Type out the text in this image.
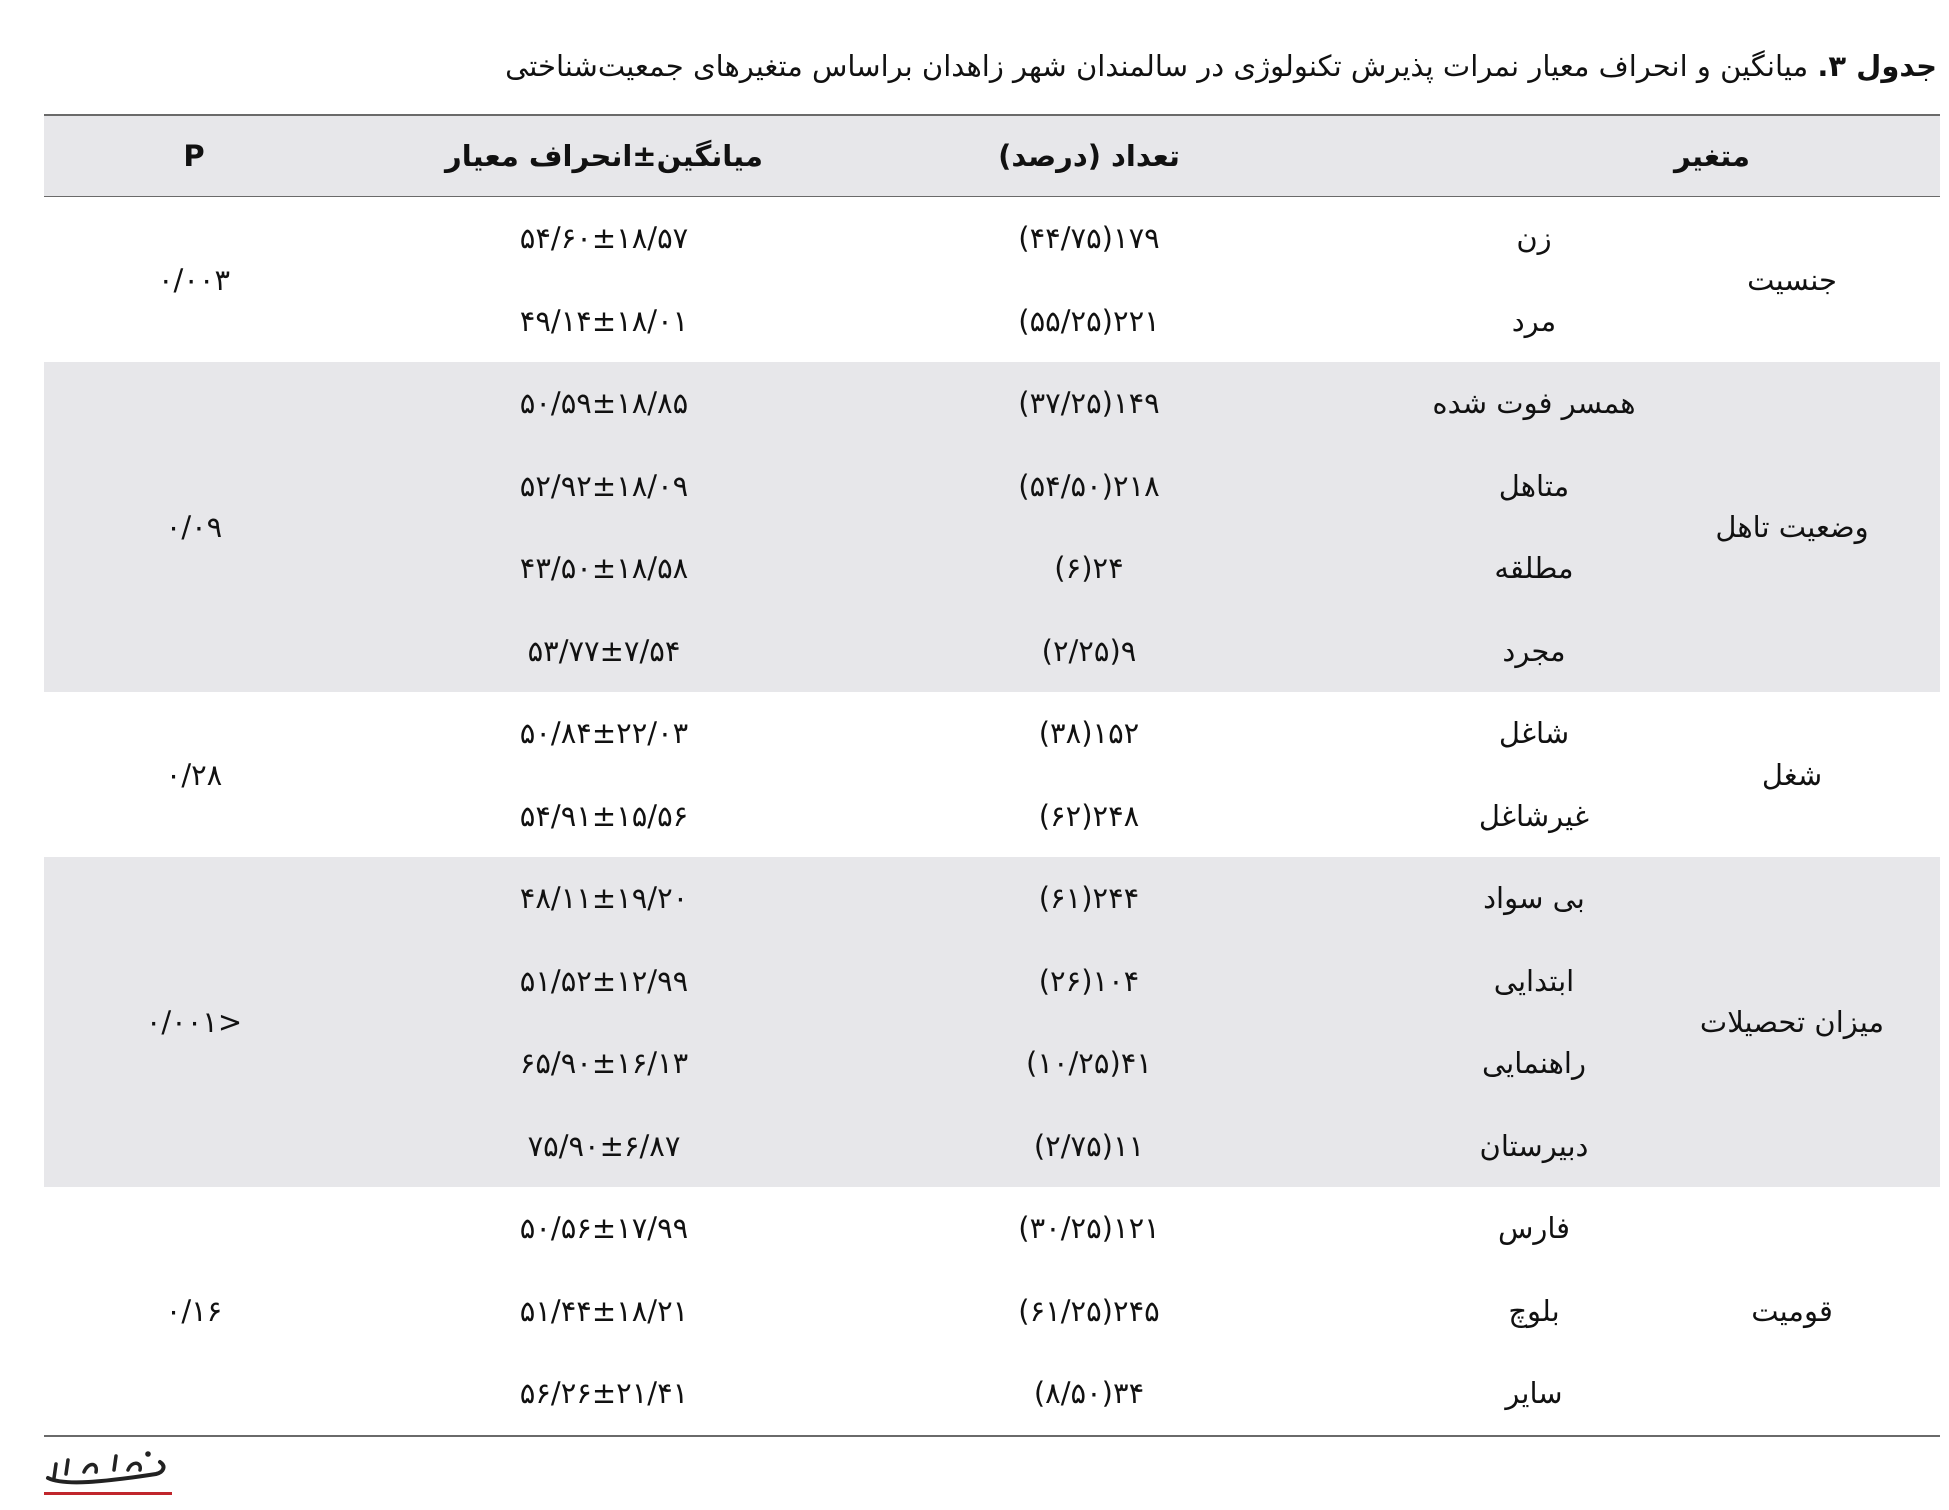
جدول ۳. میانگین و انحراف معیار نمرات پذیرش تکنولوژی در سالمندان شهر زاهدان براساس متغیرهای جمعیت‌شناختی
متغیر
تعداد (درصد)
میانگین±انحراف معیار
P
جنسیت
۰/۰۰۳
زن
۱۷۹(۴۴/۷۵)
۵۴/۶۰±۱۸/۵۷
مرد
۲۲۱(۵۵/۲۵)
۴۹/۱۴±۱۸/۰۱
وضعیت تاهل
۰/۰۹
همسر فوت شده
۱۴۹(۳۷/۲۵)
۵۰/۵۹±۱۸/۸۵
متاهل
۲۱۸(۵۴/۵۰)
۵۲/۹۲±۱۸/۰۹
مطلقه
۲۴(۶)
۴۳/۵۰±۱۸/۵۸
مجرد
۹(۲/۲۵)
۵۳/۷۷±۷/۵۴
شغل
۰/۲۸
شاغل
۱۵۲(۳۸)
۵۰/۸۴±۲۲/۰۳
غیرشاغل
۲۴۸(۶۲)
۵۴/۹۱±۱۵/۵۶
میزان تحصیلات
<۰/۰۰۱
بی سواد
۲۴۴(۶۱)
۴۸/۱۱±۱۹/۲۰
ابتدایی
۱۰۴(۲۶)
۵۱/۵۲±۱۲/۹۹
راهنمایی
۴۱(۱۰/۲۵)
۶۵/۹۰±۱۶/۱۳
دبیرستان
۱۱(۲/۷۵)
۷۵/۹۰±۶/۸۷
قومیت
۰/۱۶
فارس
۱۲۱(۳۰/۲۵)
۵۰/۵۶±۱۷/۹۹
بلوچ
۲۴۵(۶۱/۲۵)
۵۱/۴۴±۱۸/۲۱
سایر
۳۴(۸/۵۰)
۵۶/۲۶±۲۱/۴۱
